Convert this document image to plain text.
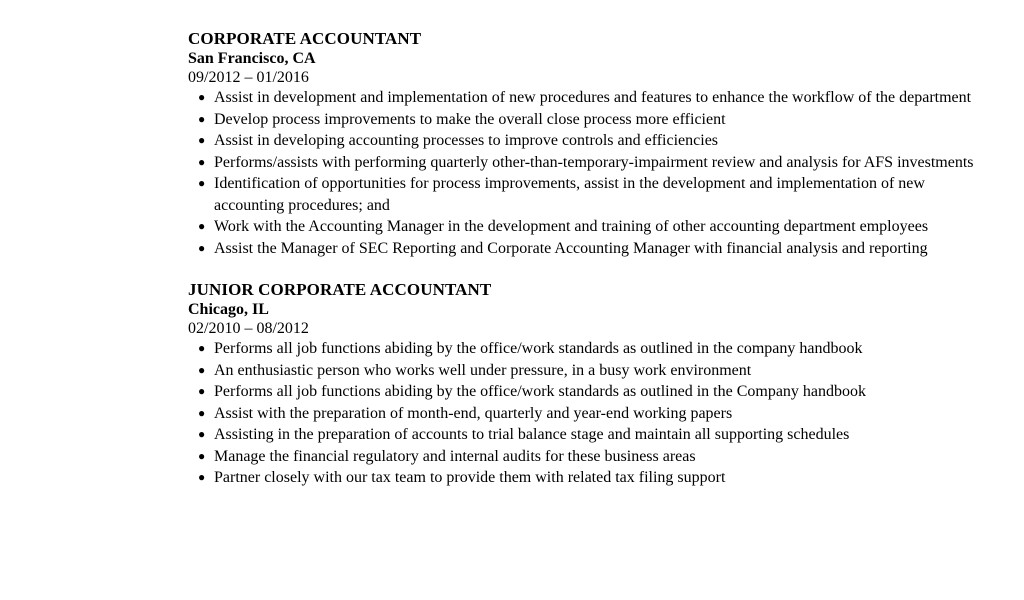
CORPORATE ACCOUNTANT
San Francisco, CA
09/2012 – 01/2016
● Assist in development and implementation of new procedures and features to enhance the workflow of the department
● Develop process improvements to make the overall close process more efficient
● Assist in developing accounting processes to improve controls and efficiencies
● Performs/assists with performing quarterly other-than-temporary-impairment review and analysis for AFS investments
● Identification of opportunities for process improvements, assist in the development and implementation of new accounting procedures; and
● Work with the Accounting Manager in the development and training of other accounting department employees
● Assist the Manager of SEC Reporting and Corporate Accounting Manager with financial analysis and reporting
JUNIOR CORPORATE ACCOUNTANT
Chicago, IL
02/2010 – 08/2012
● Performs all job functions abiding by the office/work standards as outlined in the company handbook
● An enthusiastic person who works well under pressure, in a busy work environment
● Performs all job functions abiding by the office/work standards as outlined in the Company handbook
● Assist with the preparation of month-end, quarterly and year-end working papers
● Assisting in the preparation of accounts to trial balance stage and maintain all supporting schedules
● Manage the financial regulatory and internal audits for these business areas
● Partner closely with our tax team to provide them with related tax filing support
